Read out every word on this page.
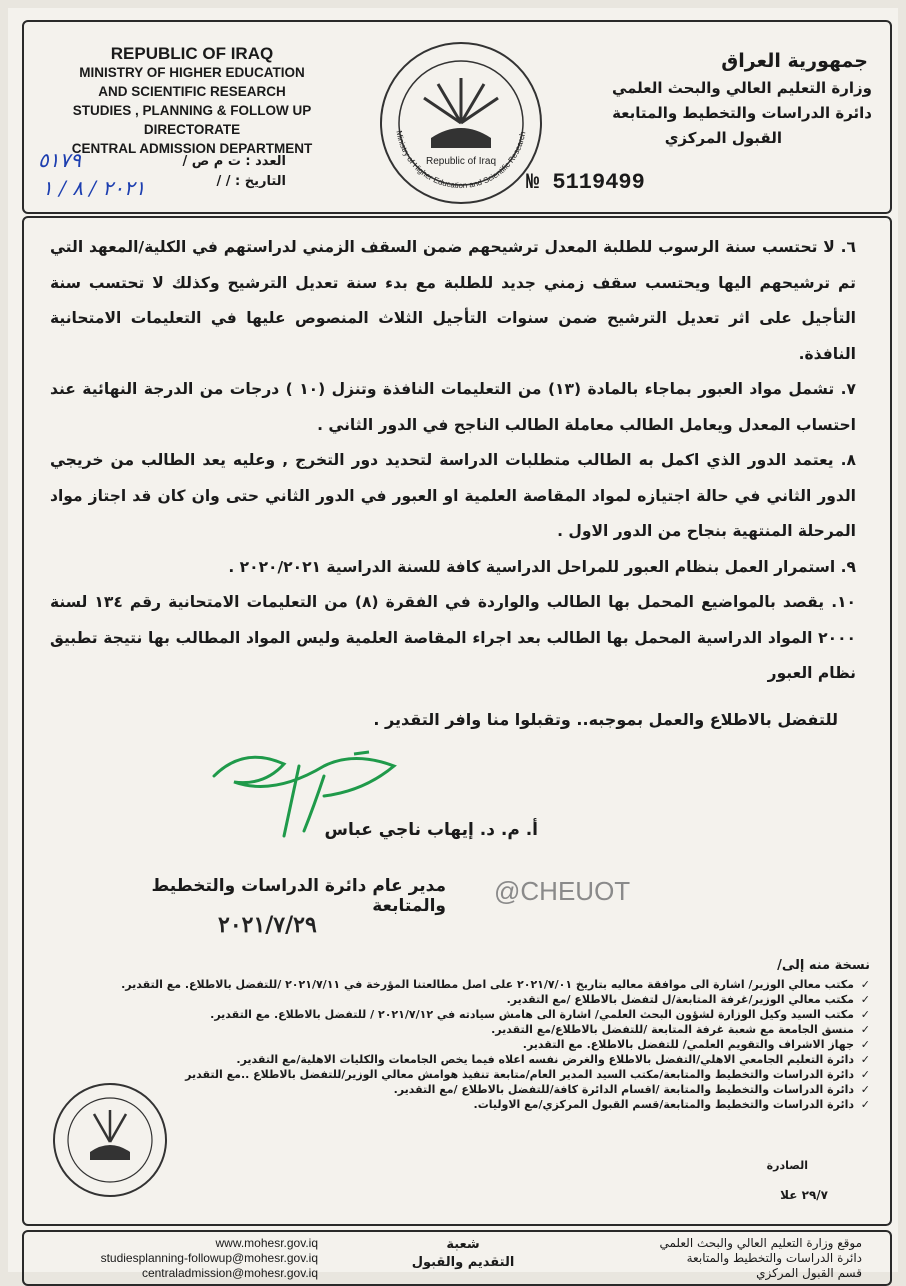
REPUBLIC OF IRAQ
MINISTRY OF HIGHER EDUCATION
AND SCIENTIFIC RESEARCH
STUDIES , PLANNING & FOLLOW UP DIRECTORATE
CENTRAL ADMISSION DEPARTMENT
جمهورية العراق
وزارة التعليم العالي والبحث العلمي
دائرة الدراسات والتخطيط والمتابعة
القبول المركزي
Republic of Iraq
Ministry of Higher Education and Scientific Research
العدد : ت م ص /
التاريخ : / /
٥١٧٩
٢٠٢١ / ٨ / ١	№ 5119499

٦. لا تحتسب سنة الرسوب للطلبة المعدل ترشيحهم ضمن السقف الزمني لدراستهم في الكلية/المعهد التي تم ترشيحهم اليها ويحتسب سقف زمني جديد للطلبة مع بدء سنة تعديل الترشيح وكذلك لا تحتسب سنة التأجيل على اثر تعديل الترشيح ضمن سنوات التأجيل الثلاث المنصوص عليها في التعليمات الامتحانية النافذة.

٧. تشمل مواد العبور بماجاء بالمادة (١٣) من التعليمات النافذة وتنزل (١٠ ) درجات من الدرجة النهائية عند احتساب المعدل ويعامل الطالب معاملة الطالب الناجح في الدور الثاني .

٨. يعتمد الدور الذي اكمل به الطالب متطلبات الدراسة لتحديد دور التخرج , وعليه يعد الطالب من خريجي الدور الثاني في حالة اجتيازه لمواد المقاصة العلمية او العبور في الدور الثاني حتى وان كان قد اجتاز مواد المرحلة المنتهية بنجاح من الدور الاول .

٩. استمرار العمل بنظام العبور للمراحل الدراسية كافة للسنة الدراسية ٢٠٢٠/٢٠٢١ .

١٠. يقصد بالمواضيع المحمل بها الطالب والواردة في الفقرة (٨) من التعليمات الامتحانية رقم ١٣٤ لسنة ٢٠٠٠ المواد الدراسية المحمل بها الطالب بعد اجراء المقاصة العلمية وليس المواد المطالب بها نتيجة تطبيق نظام العبور

للتفضل بالاطلاع والعمل بموجبه.. وتقبلوا منا وافر التقدير .
أ. م. د. إيهاب ناجي عباس
@CHEUOT
مدير عام دائرة الدراسات والتخطيط والمتابعة
٢٠٢١/٧/٢٩
نسخة منه إلى/
✓ مكتب معالي الوزير/ اشارة الى موافقة معاليه بتاريخ ٢٠٢١/٧/٠١ على اصل مطالعتنا المؤرخة في ٢٠٢١/٧/١١ /للتفضل بالاطلاع. مع التقدير.
✓ مكتب معالي الوزير/غرفة المتابعة/ل لتفضل بالاطلاع /مع التقدير.
✓ مكتب السيد وكيل الوزارة لشؤون البحث العلمي/ اشارة الى هامش سيادته في ٢٠٢١/٧/١٢ / للتفضل بالاطلاع. مع التقدير.
✓ منسق الجامعة مع شعبة غرفة المتابعة /للتفضل بالاطلاع/مع التقدير.
✓ جهاز الاشراف والتقويم العلمي/ للتفضل بالاطلاع. مع التقدير.
✓ دائرة التعليم الجامعي الاهلي/التفضل بالاطلاع والغرض نفسه اعلاه فيما يخص الجامعات والكليات الاهلية/مع التقدير.
✓ دائرة الدراسات والتخطيط والمتابعة/مكتب السيد المدير العام/متابعة تنفيذ هوامش معالي الوزير/للتفضل بالاطلاع ..مع التقدير
✓ دائرة الدراسات والتخطيط والمتابعة /اقسام الدائرة كافة/للتفضل بالاطلاع /مع التقدير.
✓ دائرة الدراسات والتخطيط والمتابعة/قسم القبول المركزي/مع الاوليات.
الصادرة
٢٩/٧ علا
www.mohesr.gov.iq
studiesplanning-followup@mohesr.gov.iq
centraladmission@mohesr.gov.iq
شعبة
التقديم والقبول
موقع وزارة التعليم العالي والبحث العلمي
دائرة الدراسات والتخطيط والمتابعة
قسم القبول المركزي
